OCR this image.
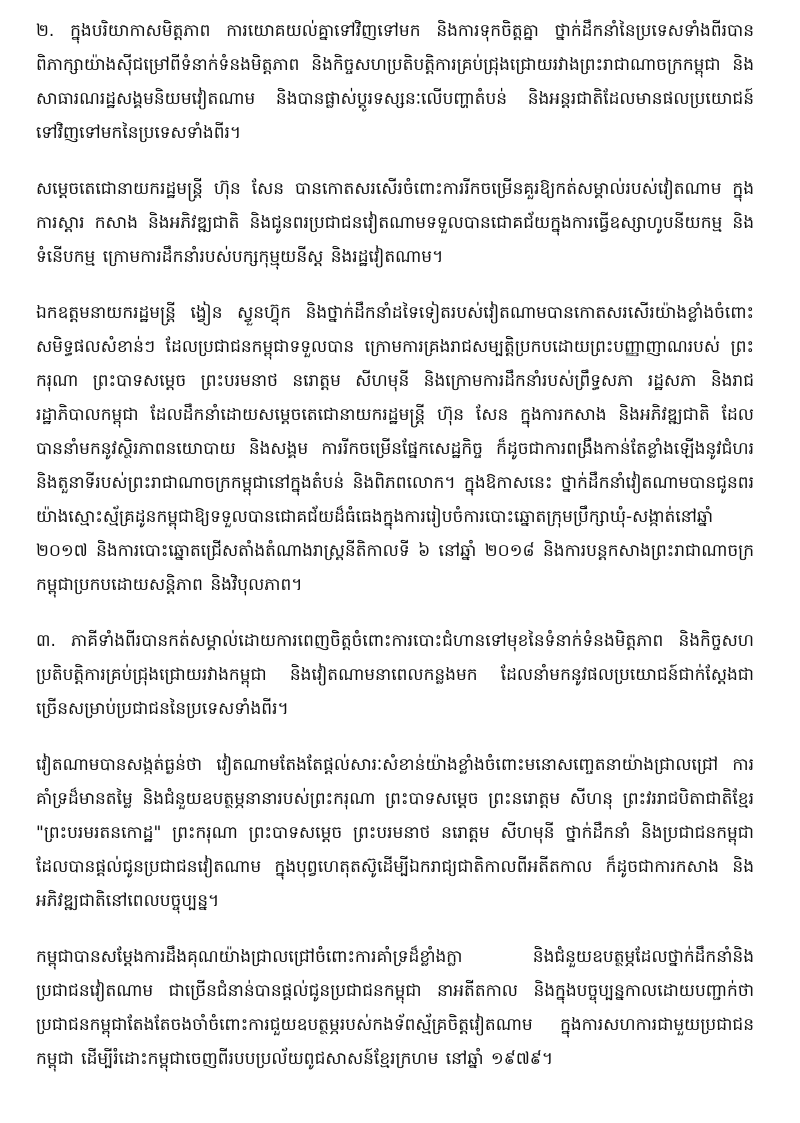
២. ក្នុងបរិយាកាសមិត្តភាព ការយោគយល់គ្នាទៅវិញទៅមក និងការទុកចិត្តគ្នា ថ្នាក់ដឹកនាំនៃប្រទេសទាំងពីរបានពិភាក្សាយ៉ាងស៊ីជម្រៅពីទំនាក់ទំនងមិត្តភាព និងកិច្ចសហប្រតិបត្តិការគ្រប់ជ្រុងជ្រោយរវាងព្រះរាជាណាចក្រកម្ពុជា និងសាធារណរដ្ឋសង្គមនិយមវៀតណាម និងបានផ្លាស់ប្តូរទស្សនៈលើបញ្ហាតំបន់ និងអន្តរជាតិដែលមានផលប្រយោជន៍ទៅវិញទៅមកនៃប្រទេសទាំងពីរ។

សម្តេចតេជោនាយករដ្ឋមន្រ្តី ហ៊ុន សែន បានកោតសរសើរចំពោះការរីកចម្រើនគួរឱ្យកត់សម្គាល់របស់វៀតណាម ក្នុងការស្តារ កសាង និងអភិវឌ្ឍជាតិ និងជូនពរប្រជាជនវៀតណាមទទួលបានជោគជ័យក្នុងការធ្វើឧស្សាហូបនីយកម្ម និងទំនើបកម្ម ក្រោមការដឹកនាំរបស់បក្សកុម្មុយនីស្ត និងរដ្ឋវៀតណាម។

ឯកឧត្តមនាយករដ្ឋមន្រ្តី ង្វៀន ស្វួនហ៊្វុក និងថ្នាក់ដឹកនាំដទៃទៀតរបស់វៀតណាមបានកោតសរសើរយ៉ាងខ្លាំងចំពោះសមិទ្ធផលសំខាន់ៗ ដែលប្រជាជនកម្ពុជាទទួលបាន ក្រោមការគ្រងរាជសម្បត្តិប្រកបដោយព្រះបញ្ញាញាណរបស់ ព្រះករុណា ព្រះបាទសម្តេច ព្រះបរមនាថ នរោត្តម សីហមុនី និងក្រោមការដឹកនាំរបស់ព្រឹទ្ធសភា រដ្ឋសភា និងរាជរដ្ឋាភិបាលកម្ពុជា ដែលដឹកនាំដោយសម្តេចតេជោនាយករដ្ឋមន្រ្តី ហ៊ុន សែន ក្នុងការកសាង និងអភិវឌ្ឍជាតិ ដែលបាននាំមកនូវស្ថិរភាពនយោបាយ និងសង្គម ការរីកចម្រើនផ្នែកសេដ្ឋកិច្ច ក៏ដូចជាការពង្រឹងកាន់តែខ្លាំងឡើងនូវជំហរ និងតួនាទីរបស់ព្រះរាជាណាចក្រកម្ពុជានៅក្នុងតំបន់ និងពិភពលោក។ ក្នុងឱកាសនេះ ថ្នាក់ដឹកនាំវៀតណាមបានជូនពរយ៉ាងស្មោះស្ម័គ្រដូនកម្ពុជាឱ្យទទួលបានជោគជ័យដ៏ធំធេងក្នុងការរៀបចំការបោះឆ្នោតក្រុមប្រឹក្សាឃុំ-សង្កាត់នៅឆ្នាំ ២០១៧ និងការបោះឆ្នោតជ្រើសតាំងតំណាងរាស្ត្រនីតិកាលទី ៦ នៅឆ្នាំ ២០១៨ និងការបន្តកសាងព្រះរាជាណាចក្រកម្ពុជាប្រកបដោយសន្តិភាព និងវិបុលភាព។

៣. ភាគីទាំងពីរបានកត់សម្គាល់ដោយការពេញចិត្តចំពោះការបោះជំហានទៅមុខនៃទំនាក់ទំនងមិត្តភាព និងកិច្ចសហប្រតិបត្តិការគ្រប់ជ្រុងជ្រោយរវាងកម្ពុជា និងវៀតណាមនាពេលកន្លងមក ដែលនាំមកនូវផលប្រយោជន៍ជាក់ស្តែងជាច្រើនសម្រាប់ប្រជាជននៃប្រទេសទាំងពីរ។

វៀតណាមបានសង្កត់ធ្ងន់ថា វៀតណាមតែងតែផ្តល់សារៈសំខាន់យ៉ាងខ្លាំងចំពោះមនោសញ្ចេតនាយ៉ាងជ្រាលជ្រៅ ការគាំទ្រដ៏មានតម្លៃ និងជំនួយឧបត្ថម្ភនានារបស់ព្រះករុណា ព្រះបាទសម្តេច ព្រះនរោត្តម សីហនុ ព្រះវររាជបិតាជាតិខ្មែរ "ព្រះបរមរតនកោដ្ឋ" ព្រះករុណា ព្រះបាទសម្តេច ព្រះបរមនាថ នរោត្តម សីហមុនី ថ្នាក់ដឹកនាំ និងប្រជាជនកម្ពុជា ដែលបានផ្តល់ជូនប្រជាជនវៀតណាម ក្នុងបុព្វហេតុតស៊ូដើម្បីឯករាជ្យជាតិកាលពីអតីតកាល ក៏ដូចជាការកសាង និងអភិវឌ្ឍជាតិនៅពេលបច្ចុប្បន្ន។

កម្ពុជាបានសម្តែងការដឹងគុណយ៉ាងជ្រាលជ្រៅចំពោះការគាំទ្រដ៏ខ្លាំងក្លា និងជំនួយឧបត្ថម្ភដែលថ្នាក់ដឹកនាំនិងប្រជាជនវៀតណាម ជាច្រើនជំនាន់បានផ្តល់ជូនប្រជាជនកម្ពុជា នាអតីតកាល និងក្នុងបច្ចុប្បន្នកាលដោយបញ្ជាក់ថា ប្រជាជនកម្ពុជាតែងតែចងចាំចំពោះការជួយឧបត្ថម្ភរបស់កងទ័ពស្ម័គ្រចិត្តវៀតណាម ក្នុងការសហការជាមួយប្រជាជនកម្ពុជា ដើម្បីរំដោះកម្ពុជាចេញពីរបបប្រល័យពូជសាសន៍ខ្មែរក្រហម នៅឆ្នាំ ១៩៧៩។
